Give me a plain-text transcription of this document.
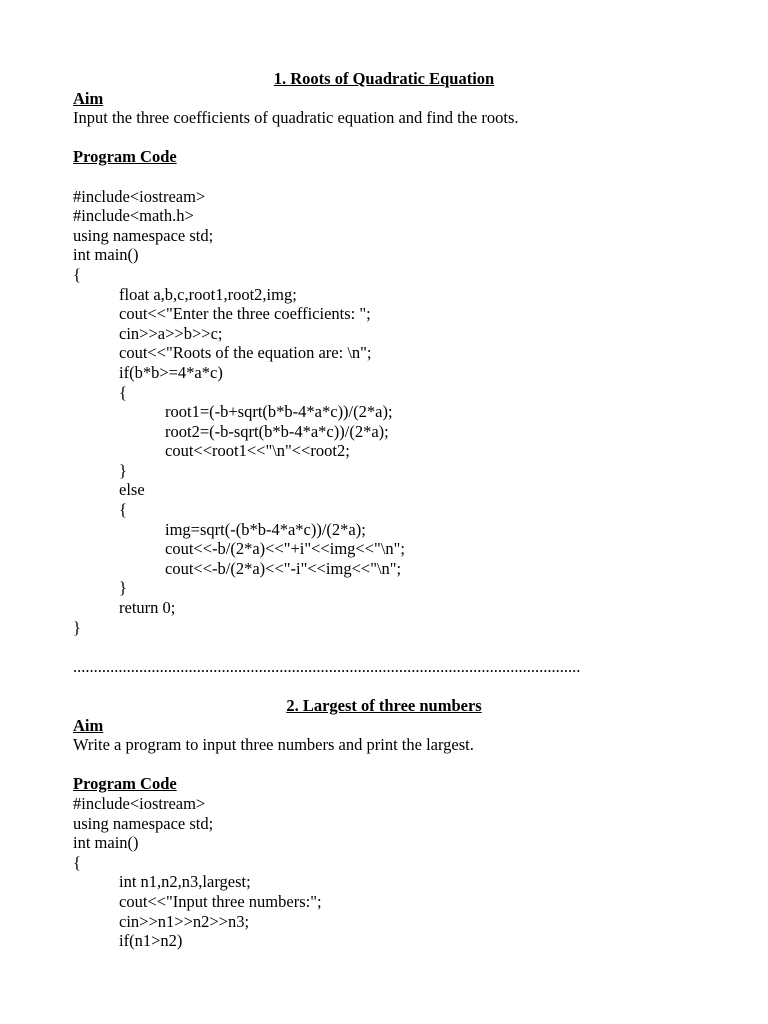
1. Roots of Quadratic Equation
Aim
Input the three coefficients of quadratic equation and find the roots.
Program Code
#include<iostream>
#include<math.h>
using namespace std;
int main()
{
float a,b,c,root1,root2,img;
cout<<"Enter the three coefficients: ";
cin>>a>>b>>c;
cout<<"Roots of the equation are: \n";
if(b*b>=4*a*c)
{
root1=(-b+sqrt(b*b-4*a*c))/(2*a);
root2=(-b-sqrt(b*b-4*a*c))/(2*a);
cout<<root1<<"\n"<<root2;
}
else
{
img=sqrt(-(b*b-4*a*c))/(2*a);
cout<<-b/(2*a)<<"+i"<<img<<"\n";
cout<<-b/(2*a)<<"-i"<<img<<"\n";
}
return 0;
}
...........................................................................................................................
2. Largest of three numbers
Aim
Write a program to input three numbers and print the largest.
Program Code
#include<iostream>
using namespace std;
int main()
{
int n1,n2,n3,largest;
cout<<"Input three numbers:";
cin>>n1>>n2>>n3;
if(n1>n2)
